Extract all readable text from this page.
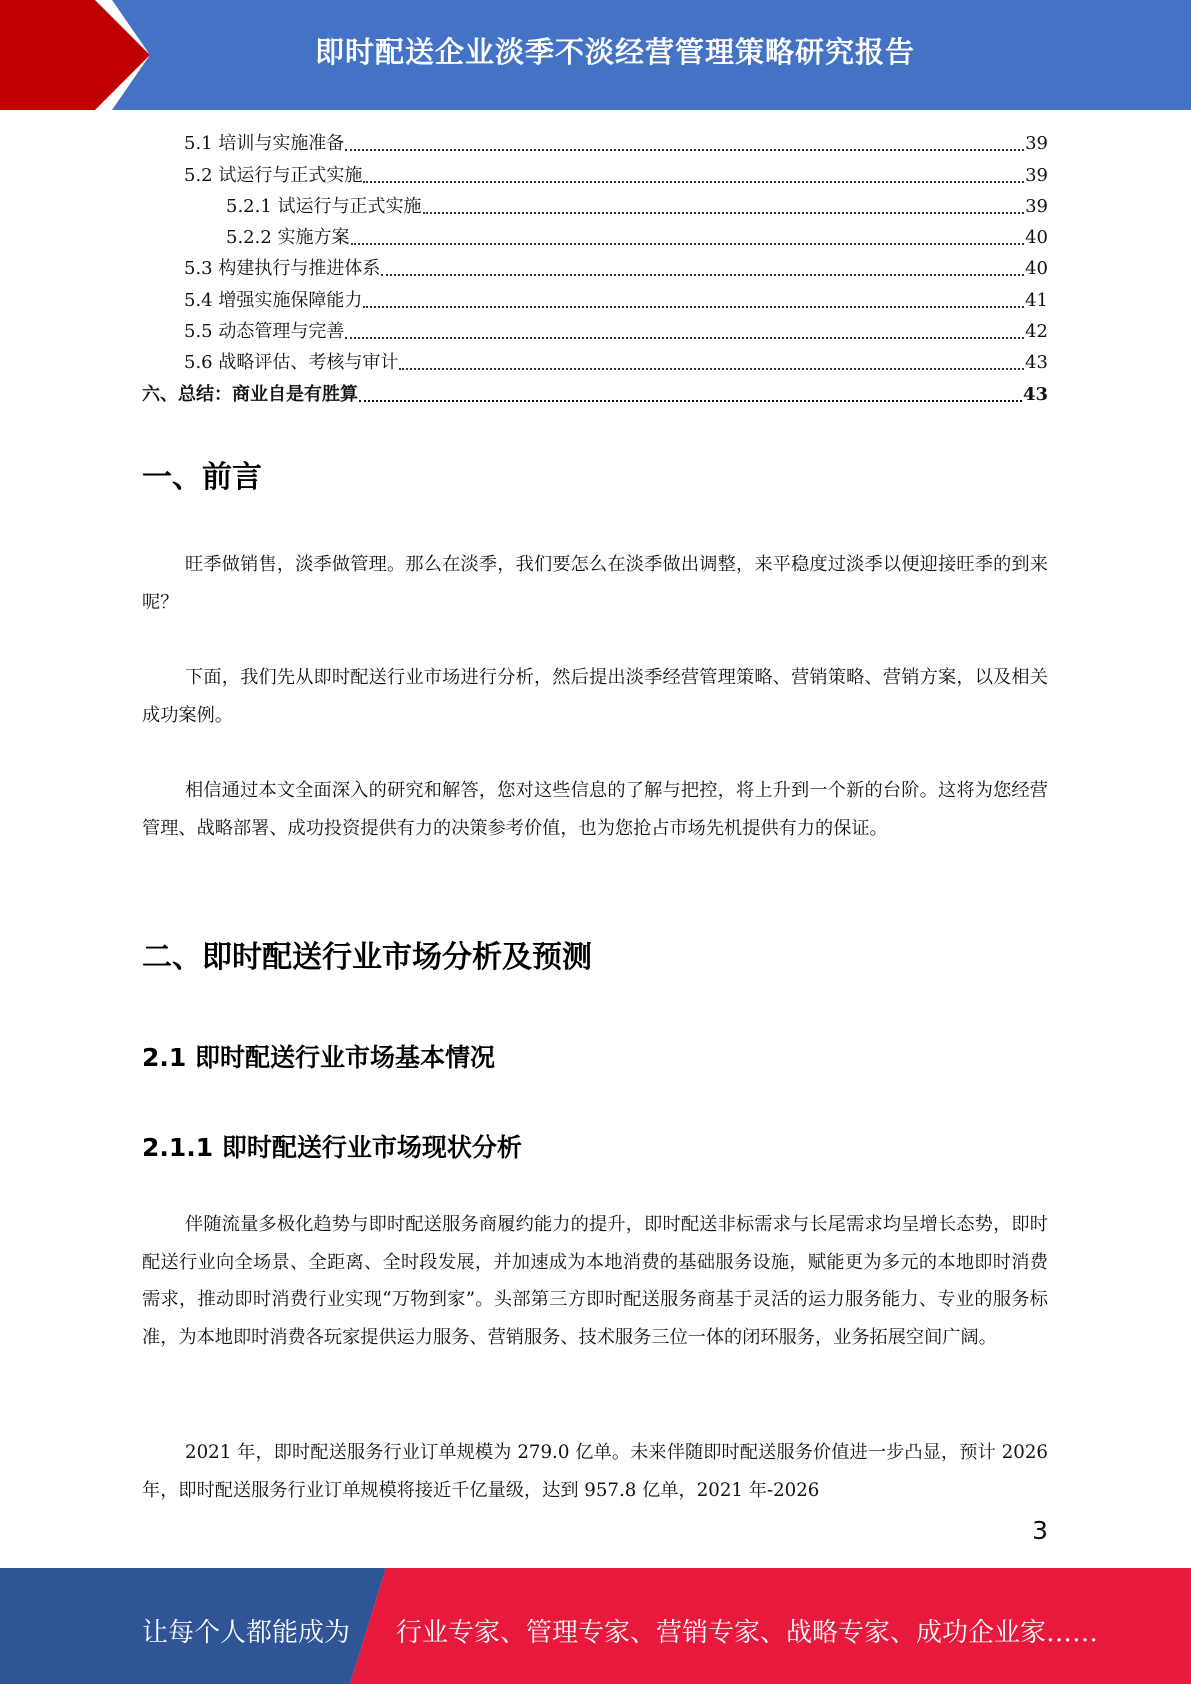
即时配送企业淡季不淡经营管理策略研究报告
5.1 培训与实施准备	39
5.2 试运行与正式实施	39
5.2.1 试运行与正式实施	39
5.2.2 实施方案	40
5.3 构建执行与推进体系	40
5.4 增强实施保障能力	41
5.5 动态管理与完善	42
5.6 战略评估、考核与审计	43
六、总结：商业自是有胜算	43
一、前言

旺季做销售，淡季做管理。那么在淡季，我们要怎么在淡季做出调整，来平稳度过淡季以便迎接旺季的到来呢？

下面，我们先从即时配送行业市场进行分析，然后提出淡季经营管理策略、营销策略、营销方案，以及相关成功案例。

相信通过本文全面深入的研究和解答，您对这些信息的了解与把控，将上升到一个新的台阶。这将为您经营管理、战略部署、成功投资提供有力的决策参考价值，也为您抢占市场先机提供有力的保证。

二、即时配送行业市场分析及预测
2.1 即时配送行业市场基本情况
2.1.1 即时配送行业市场现状分析

伴随流量多极化趋势与即时配送服务商履约能力的提升，即时配送非标需求与长尾需求均呈增长态势，即时配送行业向全场景、全距离、全时段发展，并加速成为本地消费的基础服务设施，赋能更为多元的本地即时消费需求，推动即时消费行业实现“万物到家”。头部第三方即时配送服务商基于灵活的运力服务能力、专业的服务标准，为本地即时消费各玩家提供运力服务、营销服务、技术服务三位一体的闭环服务，业务拓展空间广阔。

2021 年，即时配送服务行业订单规模为 279.0 亿单。未来伴随即时配送服务价值进一步凸显，预计 2026 年，即时配送服务行业订单规模将接近千亿量级，达到 957.8 亿单，2021 年-2026

3
让每个人都能成为 行业专家、管理专家、营销专家、战略专家、成功企业家……
